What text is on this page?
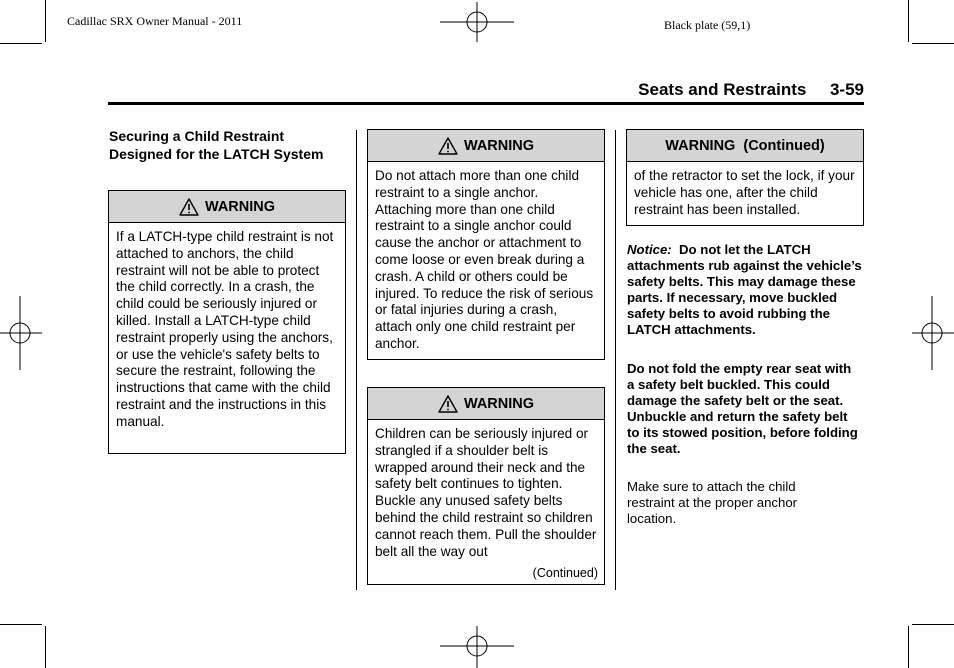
Cadillac SRX Owner Manual - 2011	Black plate (59,1)
Seats and Restraints 3-59
Securing a Child Restraint Designed for the LATCH System
WARNING
If a LATCH-type child restraint is not attached to anchors, the child restraint will not be able to protect the child correctly. In a crash, the child could be seriously injured or killed. Install a LATCH-type child restraint properly using the anchors, or use the vehicle's safety belts to secure the restraint, following the instructions that came with the child restraint and the instructions in this manual.
WARNING
Do not attach more than one child restraint to a single anchor. Attaching more than one child restraint to a single anchor could cause the anchor or attachment to come loose or even break during a crash. A child or others could be injured. To reduce the risk of serious or fatal injuries during a crash, attach only one child restraint per anchor.
WARNING
Children can be seriously injured or strangled if a shoulder belt is wrapped around their neck and the safety belt continues to tighten. Buckle any unused safety belts behind the child restraint so children cannot reach them. Pull the shoulder belt all the way out
(Continued)
WARNING  (Continued)
of the retractor to set the lock, if your vehicle has one, after the child restraint has been installed.
Notice: Do not let the LATCH attachments rub against the vehicle’s safety belts. This may damage these parts. If necessary, move buckled safety belts to avoid rubbing the LATCH attachments.
Do not fold the empty rear seat with a safety belt buckled. This could damage the safety belt or the seat. Unbuckle and return the safety belt to its stowed position, before folding the seat.
Make sure to attach the child restraint at the proper anchor location.
